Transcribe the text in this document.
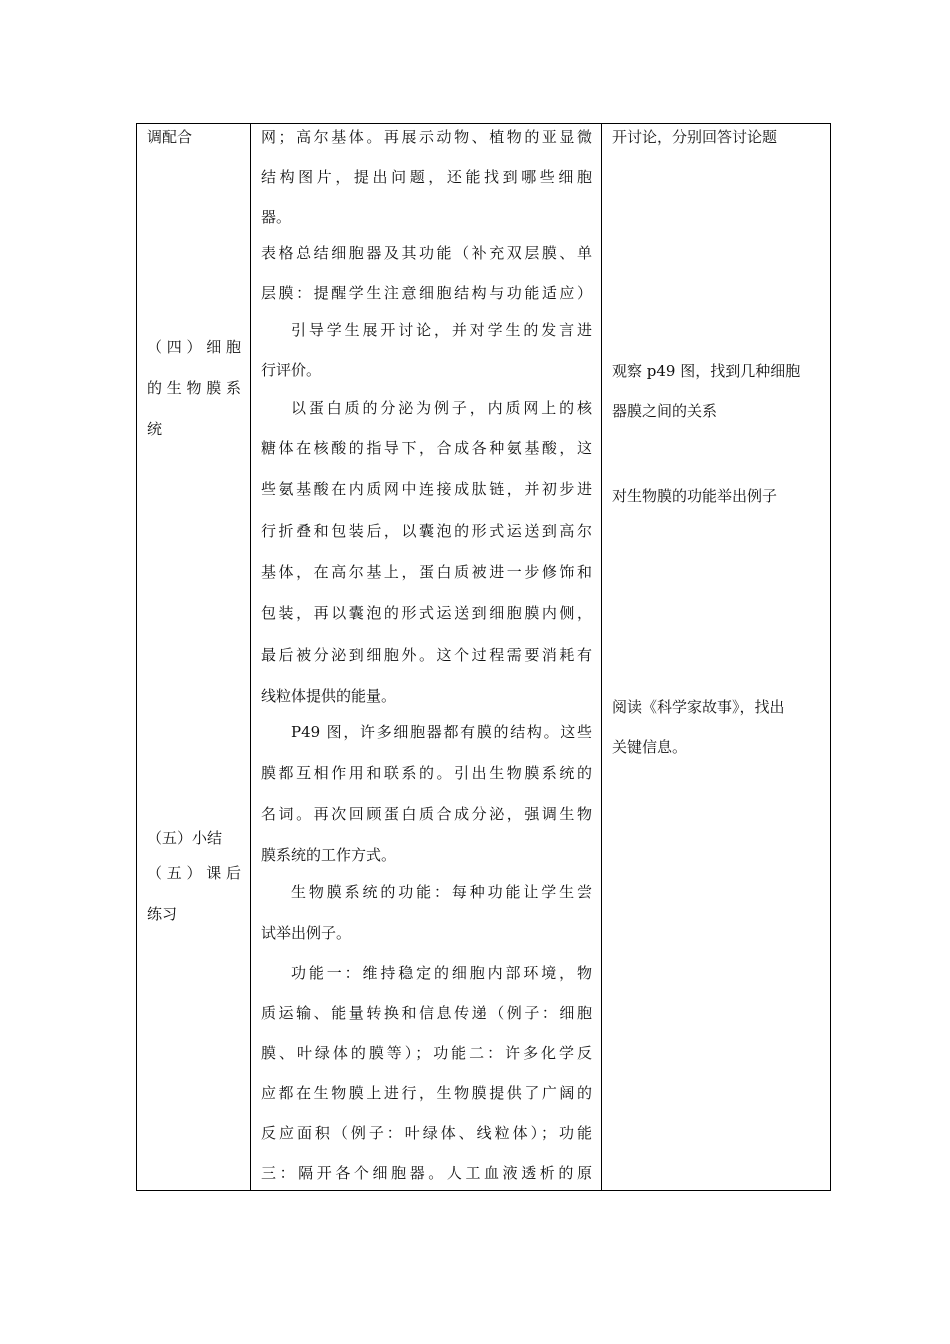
调配合
（四）细胞
的生物膜系
统
（五）小结
（五）课后
练习
网；高尔基体。再展示动物、植物的亚显微
结构图片，提出问题，还能找到哪些细胞
器。
表格总结细胞器及其功能（补充双层膜、单
层膜：提醒学生注意细胞结构与功能适应）
引导学生展开讨论，并对学生的发言进
行评价。
以蛋白质的分泌为例子，内质网上的核
糖体在核酸的指导下，合成各种氨基酸，这
些氨基酸在内质网中连接成肽链，并初步进
行折叠和包装后，以囊泡的形式运送到高尔
基体，在高尔基上，蛋白质被进一步修饰和
包装，再以囊泡的形式运送到细胞膜内侧，
最后被分泌到细胞外。这个过程需要消耗有
线粒体提供的能量。
P49 图，许多细胞器都有膜的结构。这些
膜都互相作用和联系的。引出生物膜系统的
名词。再次回顾蛋白质合成分泌，强调生物
膜系统的工作方式。
生物膜系统的功能：每种功能让学生尝
试举出例子。
功能一：维持稳定的细胞内部环境，物
质运输、能量转换和信息传递（例子：细胞
膜、叶绿体的膜等）；功能二：许多化学反
应都在生物膜上进行，生物膜提供了广阔的
反应面积（例子：叶绿体、线粒体）；功能
三：隔开各个细胞器。人工血液透析的原
开讨论，分别回答讨论题
观察 p49 图，找到几种细胞
器膜之间的关系
对生物膜的功能举出例子
阅读《科学家故事》，找出
关键信息。
